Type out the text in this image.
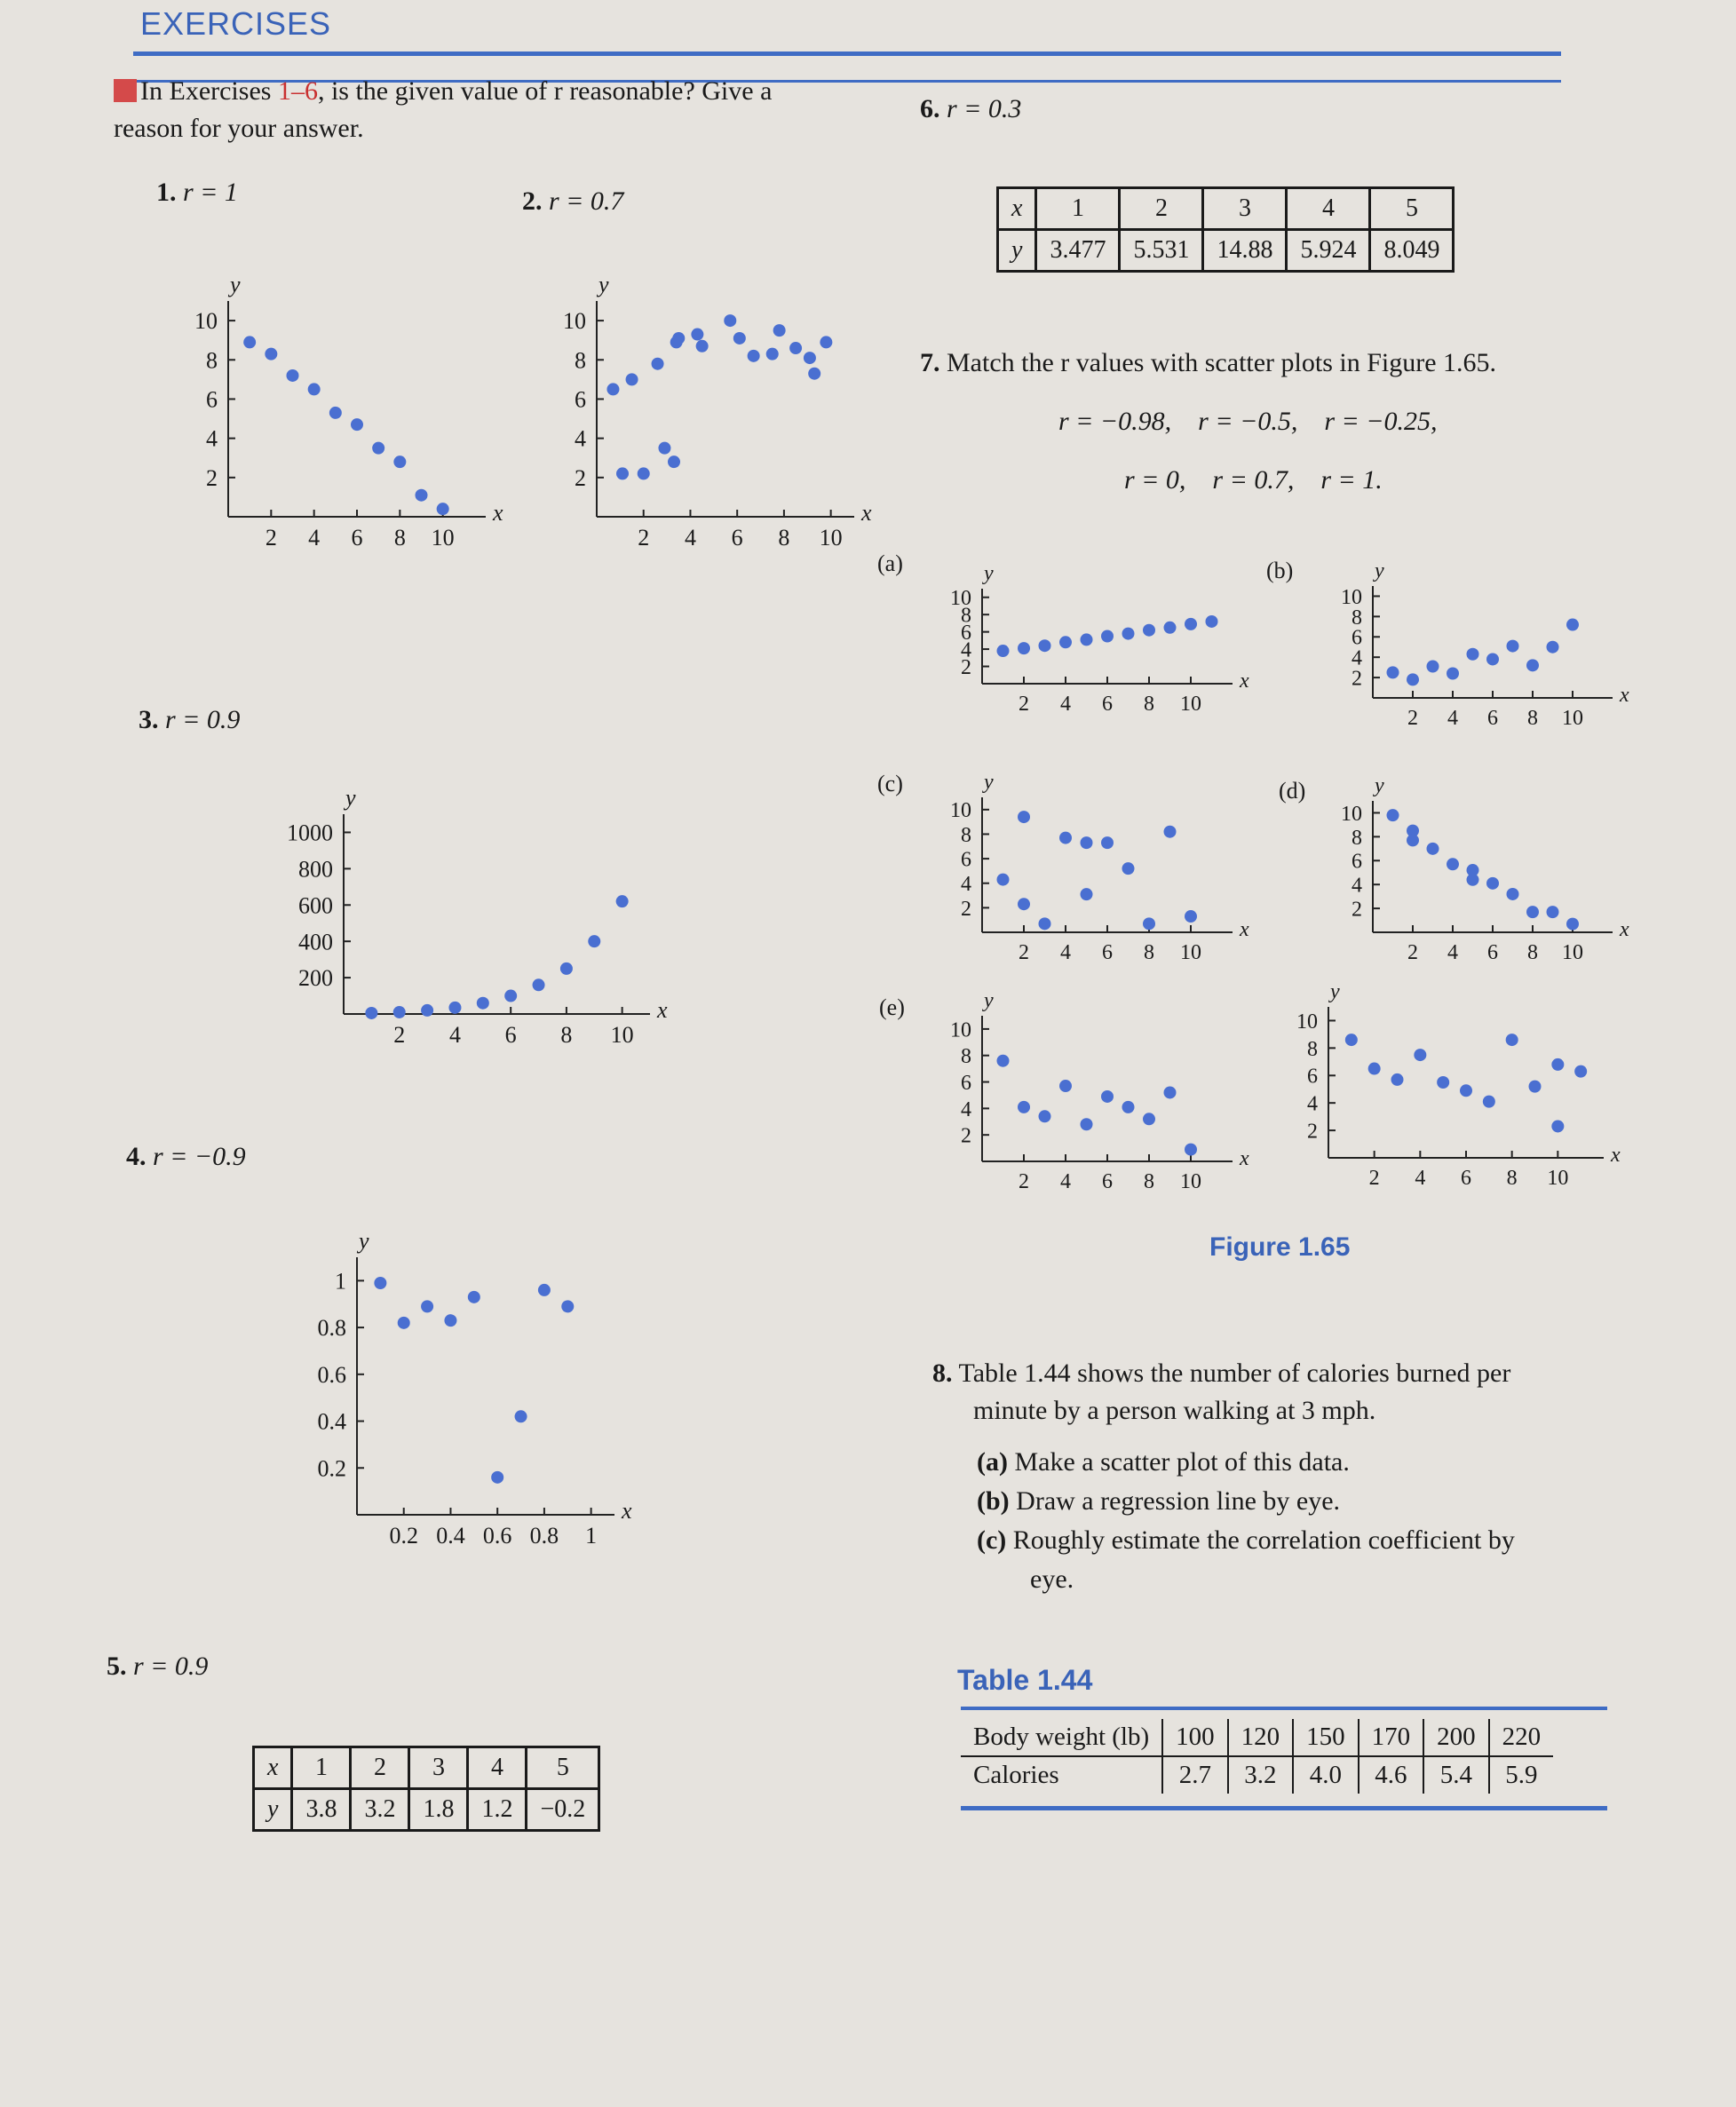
EXERCISES
In Exercises 1–6, is the given value of r reasonable? Give a reason for your answer.
1. r = 1	2. r = 0.7
3. r = 0.9
4. r = −0.9
5. r = 0.9
6. r = 0.3
x
y
2 4 6 8 10
2
4
6
8
10
x
y
2 4 6 8 10
2
4
6
8
10
x
y
2 4 6 8 10
200
400
600
800
1000
x
y
0.2 0.4 0.6 0.8 1
0.2
0.4
0.6
0.8
1
x
y
2 4 6 8 10
2
4
6
8
10
x
y
2 4 6 8 10
2
4
6
8
10
x
y
2 4 6 8 10
2
4
6
8
10
x
y
2 4 6 8 10
2
4
6
8
10
x
y
2 4 6 8 10
2
4
6
8
10
x
y
2 4 6 8 10
2
4
6
8
10
x	1	2	3	4	5
y	3.477	5.531	14.88	5.924	8.049
x	1	2	3	4	5
y	3.8	3.2	1.8	1.2	−0.2
7. Match the r values with scatter plots in Figure 1.65.
r = −0.98,    r = −0.5,    r = −0.25,
r = 0,    r = 0.7,    r = 1.
(a)	(b)
(c)	(d)
(e)
Figure 1.65
8. Table 1.44 shows the number of calories burned per
minute by a person walking at 3 mph.
(a) Make a scatter plot of this data.
(b) Draw a regression line by eye.
(c) Roughly estimate the correlation coefficient by
eye.
Table 1.44
Body weight (lb)	100	120	150	170	200	220
Calories	2.7	3.2	4.0	4.6	5.4	5.9
